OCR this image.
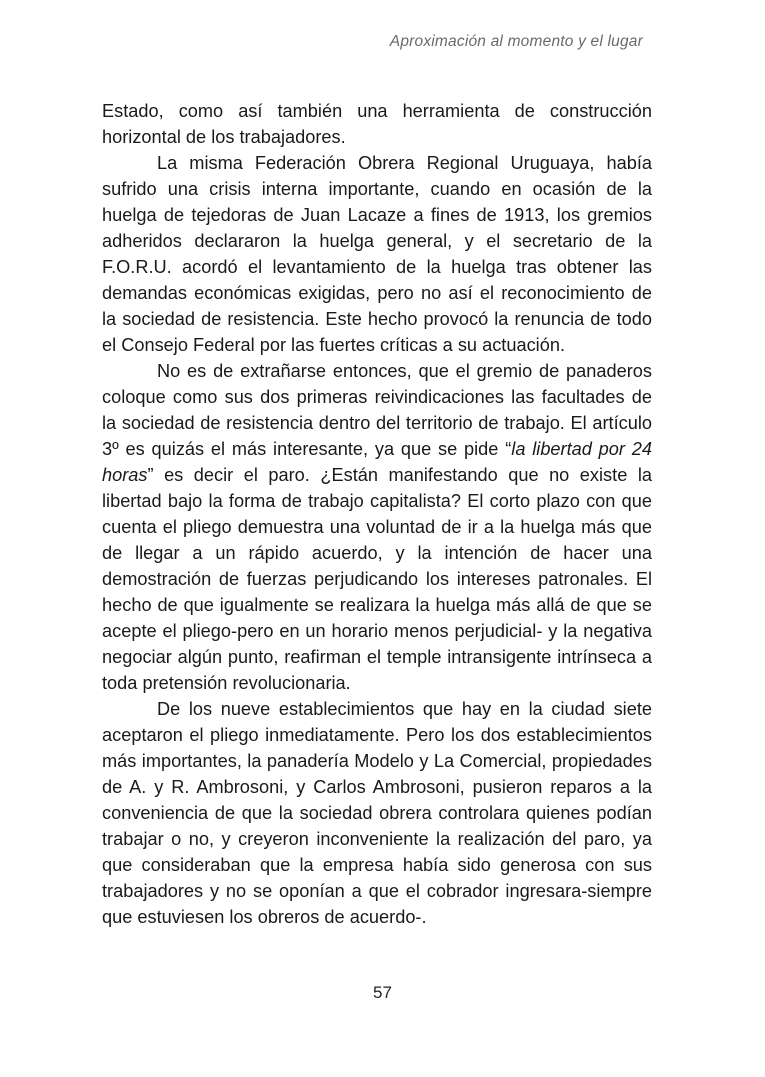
Aproximación al momento y el lugar

Estado, como así también una herramienta de construcción horizontal de los trabajadores.

La misma Federación Obrera Regional Uruguaya, había sufrido una crisis interna importante, cuando en ocasión de la huelga de tejedoras de Juan Lacaze a fines de 1913, los gremios adheridos declararon la huelga general, y el secretario de la F.O.R.U. acordó el levantamiento de la huelga tras obtener las demandas económicas exigidas, pero no así el reconocimiento de la sociedad de resistencia. Este hecho provocó la renuncia de todo el Consejo Federal por las fuertes críticas a su actuación.

No es de extrañarse entonces, que el gremio de panaderos coloque como sus dos primeras reivindicaciones las facultades de la sociedad de resistencia dentro del territorio de trabajo. El artículo 3º es quizás el más interesante, ya que se pide “la libertad por 24 horas” es decir el paro. ¿Están manifestando que no existe la libertad bajo la forma de trabajo capitalista? El corto plazo con que cuenta el pliego demuestra una voluntad de ir a la huelga más que de llegar a un rápido acuerdo, y la intención de hacer una demostración de fuerzas perjudicando los intereses patronales. El hecho de que igualmente se realizara la huelga más allá de que se acepte el pliego-pero en un horario menos perjudicial- y la negativa negociar algún punto, reafirman el temple intransigente intrínseca a toda pretensión revolucionaria.

De los nueve establecimientos que hay en la ciudad siete aceptaron el pliego inmediatamente. Pero los dos establecimientos más importantes, la panadería Modelo y La Comercial, propiedades de A. y R. Ambrosoni, y Carlos Ambrosoni, pusieron reparos a la conveniencia de que la sociedad obrera controlara quienes podían trabajar o no, y creyeron inconveniente la realización del paro, ya que consideraban que la empresa había sido generosa con sus trabajadores y no se oponían a que el cobrador ingresara-siempre que estuviesen los obreros de acuerdo-.

57
